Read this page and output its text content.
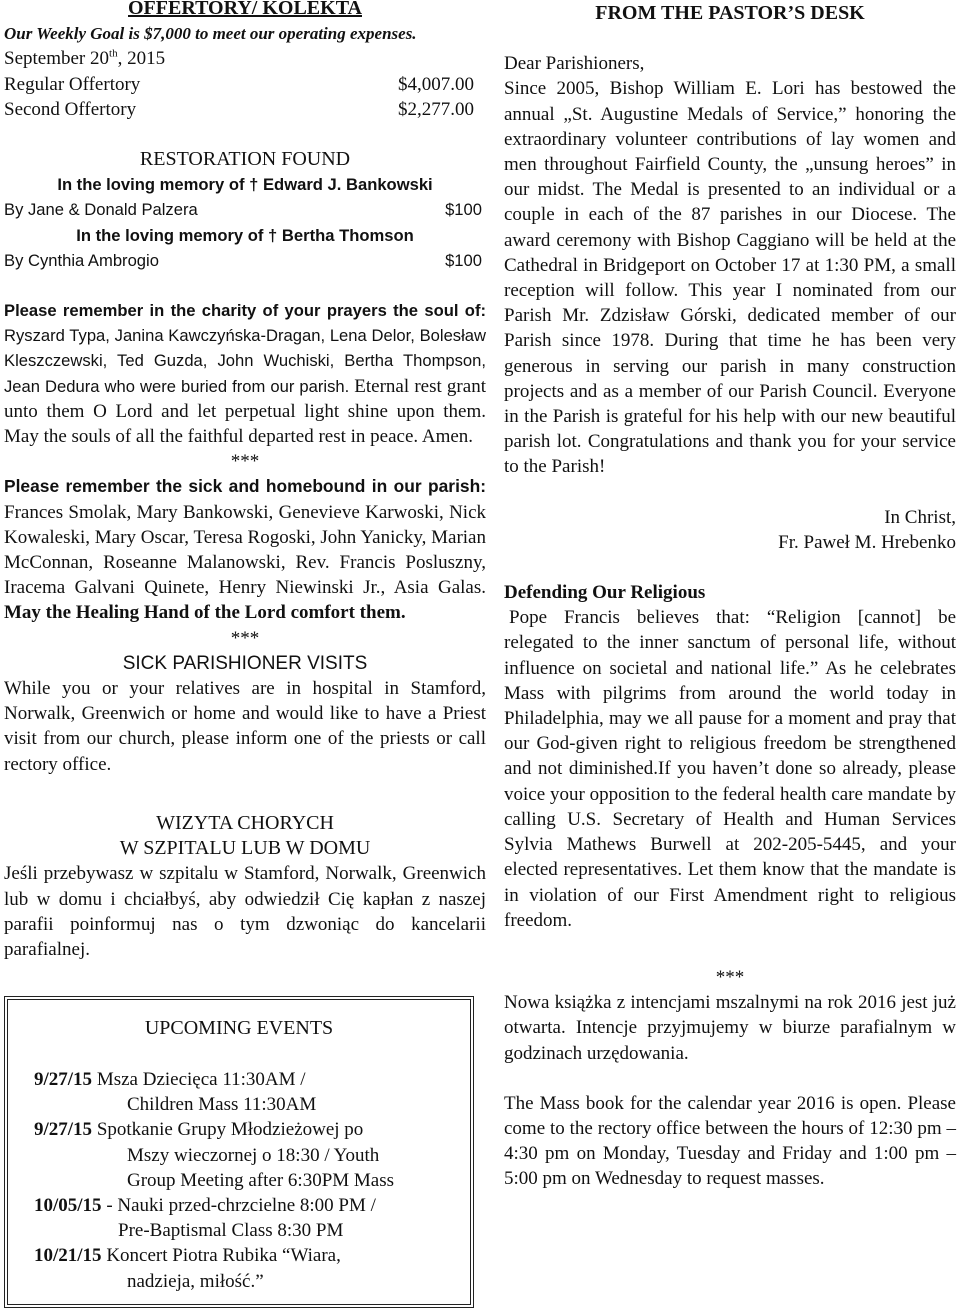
OFFERTORY/ KOLEKTA

Our Weekly Goal is $7,000 to meet our operating expenses.

September 20th, 2015

Regular Offertory	$4,007.00
Second Offertory	$2,277.00

RESTORATION FOUND

In the loving memory of † Edward J. Bankowski

By Jane & Donald Palzera	$100

In the loving memory of † Bertha Thomson

By Cynthia Ambrogio	$100

Please remember in the charity of your prayers the soul of: Ryszard Typa, Janina Kawczyńska-Dragan, Lena Delor, Bolesław Kleszczewski, Ted Guzda, John Wuchiski, Bertha Thompson, Jean Dedura who were buried from our parish. Eternal rest grant unto them O Lord and let perpetual light shine upon them. May the souls of all the faithful departed rest in peace. Amen.

***

Please remember the sick and homebound in our parish: Frances Smolak, Mary Bankowski, Genevieve Karwoski, Nick Kowaleski, Mary Oscar, Teresa Rogoski, John Yanicky, Marian McConnan, Roseanne Malanowski, Rev. Francis Posluszny, Iracema Galvani Quinete, Henry Niewinski Jr., Asia Galas. May the Healing Hand of the Lord comfort them.

***

SICK PARISHIONER VISITS

While you or your relatives are in hospital in Stamford, Norwalk, Greenwich or home and would like to have a Priest visit from our church, please inform one of the priests or call rectory office.

WIZYTA CHORYCH

W SZPITALU LUB W DOMU

Jeśli przebywasz w szpitalu w Stamford, Norwalk, Greenwich lub w domu i chciałbyś, aby odwiedził Cię kapłan z naszej parafii poinformuj nas o tym dzwoniąc do kancelarii parafialnej.

UPCOMING EVENTS

9/27/15 Msza Dziecięca 11:30AM /
Children Mass 11:30AM
9/27/15 Spotkanie Grupy Młodzieżowej po
Mszy wieczornej o 18:30 / Youth
Group Meeting after 6:30PM Mass
10/05/15 - Nauki przed-chrzcielne 8:00 PM /
Pre-Baptismal Class 8:30 PM
10/21/15 Koncert Piotra Rubika “Wiara,
nadzieja, miłość.”

FROM THE PASTOR’S DESK

Dear Parishioners,

Since 2005, Bishop William E. Lori has bestowed the annual „St. Augustine Medals of Service,” honoring the extraordinary volunteer contributions of lay women and men throughout Fairfield County, the „unsung heroes” in our midst. The Medal is presented to an individual or a couple in each of the 87 parishes in our Diocese. The award ceremony with Bishop Caggiano will be held at the Cathedral in Bridgeport on October 17 at 1:30 PM, a small reception will follow. This year I nominated from our Parish Mr. Zdzisław Górski, dedicated member of our Parish since 1978. During that time he has been very generous in serving our parish in many construction projects and as a member of our Parish Council. Everyone in the Parish is grateful for his help with our new beautiful parish lot. Congratulations and thank you for your service to the Parish!

In Christ,

Fr. Paweł M. Hrebenko

Defending Our Religious

Pope Francis believes that: “Religion [cannot] be relegated to the inner sanctum of personal life, without influence on societal and national life.” As he celebrates Mass with pilgrims from around the world today in Philadelphia, may we all pause for a moment and pray that our God-given right to religious freedom be strengthened and not diminished.If you haven’t done so already, please voice your opposition to the federal health care mandate by calling U.S. Secretary of Health and Human Services Sylvia Mathews Burwell at 202-205-5445, and your elected representatives. Let them know that the mandate is in violation of our First Amendment right to religious freedom.

***

Nowa książka z intencjami mszalnymi na rok 2016 jest już otwarta. Intencje przyjmujemy w biurze parafialnym w godzinach urzędowania.

The Mass book for the calendar year 2016 is open. Please come to the rectory office between the hours of 12:30 pm – 4:30 pm on Monday, Tuesday and Friday and 1:00 pm – 5:00 pm on Wednesday to request masses.
